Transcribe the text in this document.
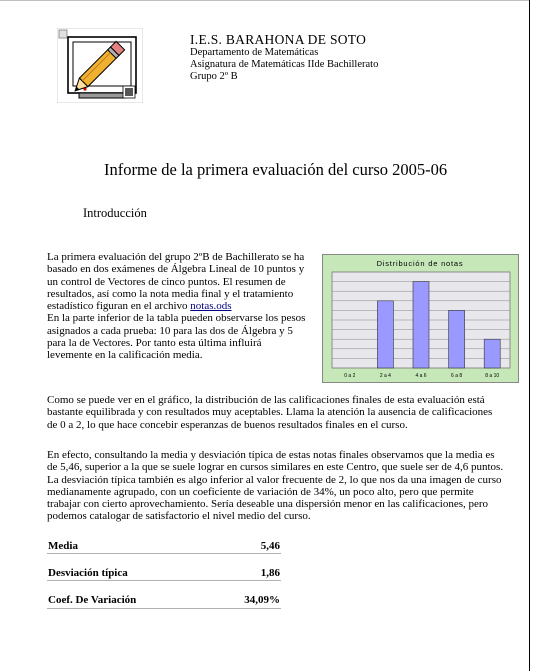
I.E.S. BARAHONA DE SOTO
Departamento de Matemáticas
Asignatura de Matemáticas IIde Bachillerato
Grupo 2º B
Informe de la primera evaluación del curso 2005-06
Introducción
La primera evaluación del grupo 2ºB de Bachillerato se ha
basado en dos exámenes de Álgebra Lineal de 10 puntos y
un control de Vectores de cinco puntos. El resumen de
resultados, así como la nota media final y el tratamiento
estadístico figuran en el archivo notas.ods
En la parte inferior de la tabla pueden observarse los pesos
asignados a cada prueba: 10 para las dos de Álgebra y 5
para la de Vectores. Por tanto esta última influirá
levemente en la calificación media.
Distribución de notas
0 a 2	2 a 4	4 a 6	6 a 8	8 a 10
Como se puede ver en el gráfico, la distribución de las calificaciones finales de esta evaluación está
bastante equilibrada y con resultados muy aceptables. Llama la atención la ausencia de calificaciones
de 0 a 2, lo que hace concebir esperanzas de buenos resultados finales en el curso.
En efecto, consultando la media y desviación típica de estas notas finales observamos que la media es
de 5,46, superior a la que se suele lograr en cursos similares en este Centro, que suele ser de 4,6 puntos.
La desviación típica también es algo inferior al valor frecuente de 2, lo que nos da una imagen de curso
medianamente agrupado, con un coeficiente de variación de 34%, un poco alto, pero que permite
trabajar con cierto aprovechamiento. Sería deseable una dispersión menor en las calificaciones, pero
podemos catalogar de satisfactorio el nivel medio del curso.
Media	5,46

Desviación típica	1,86

Coef. De Variación	34,09%
